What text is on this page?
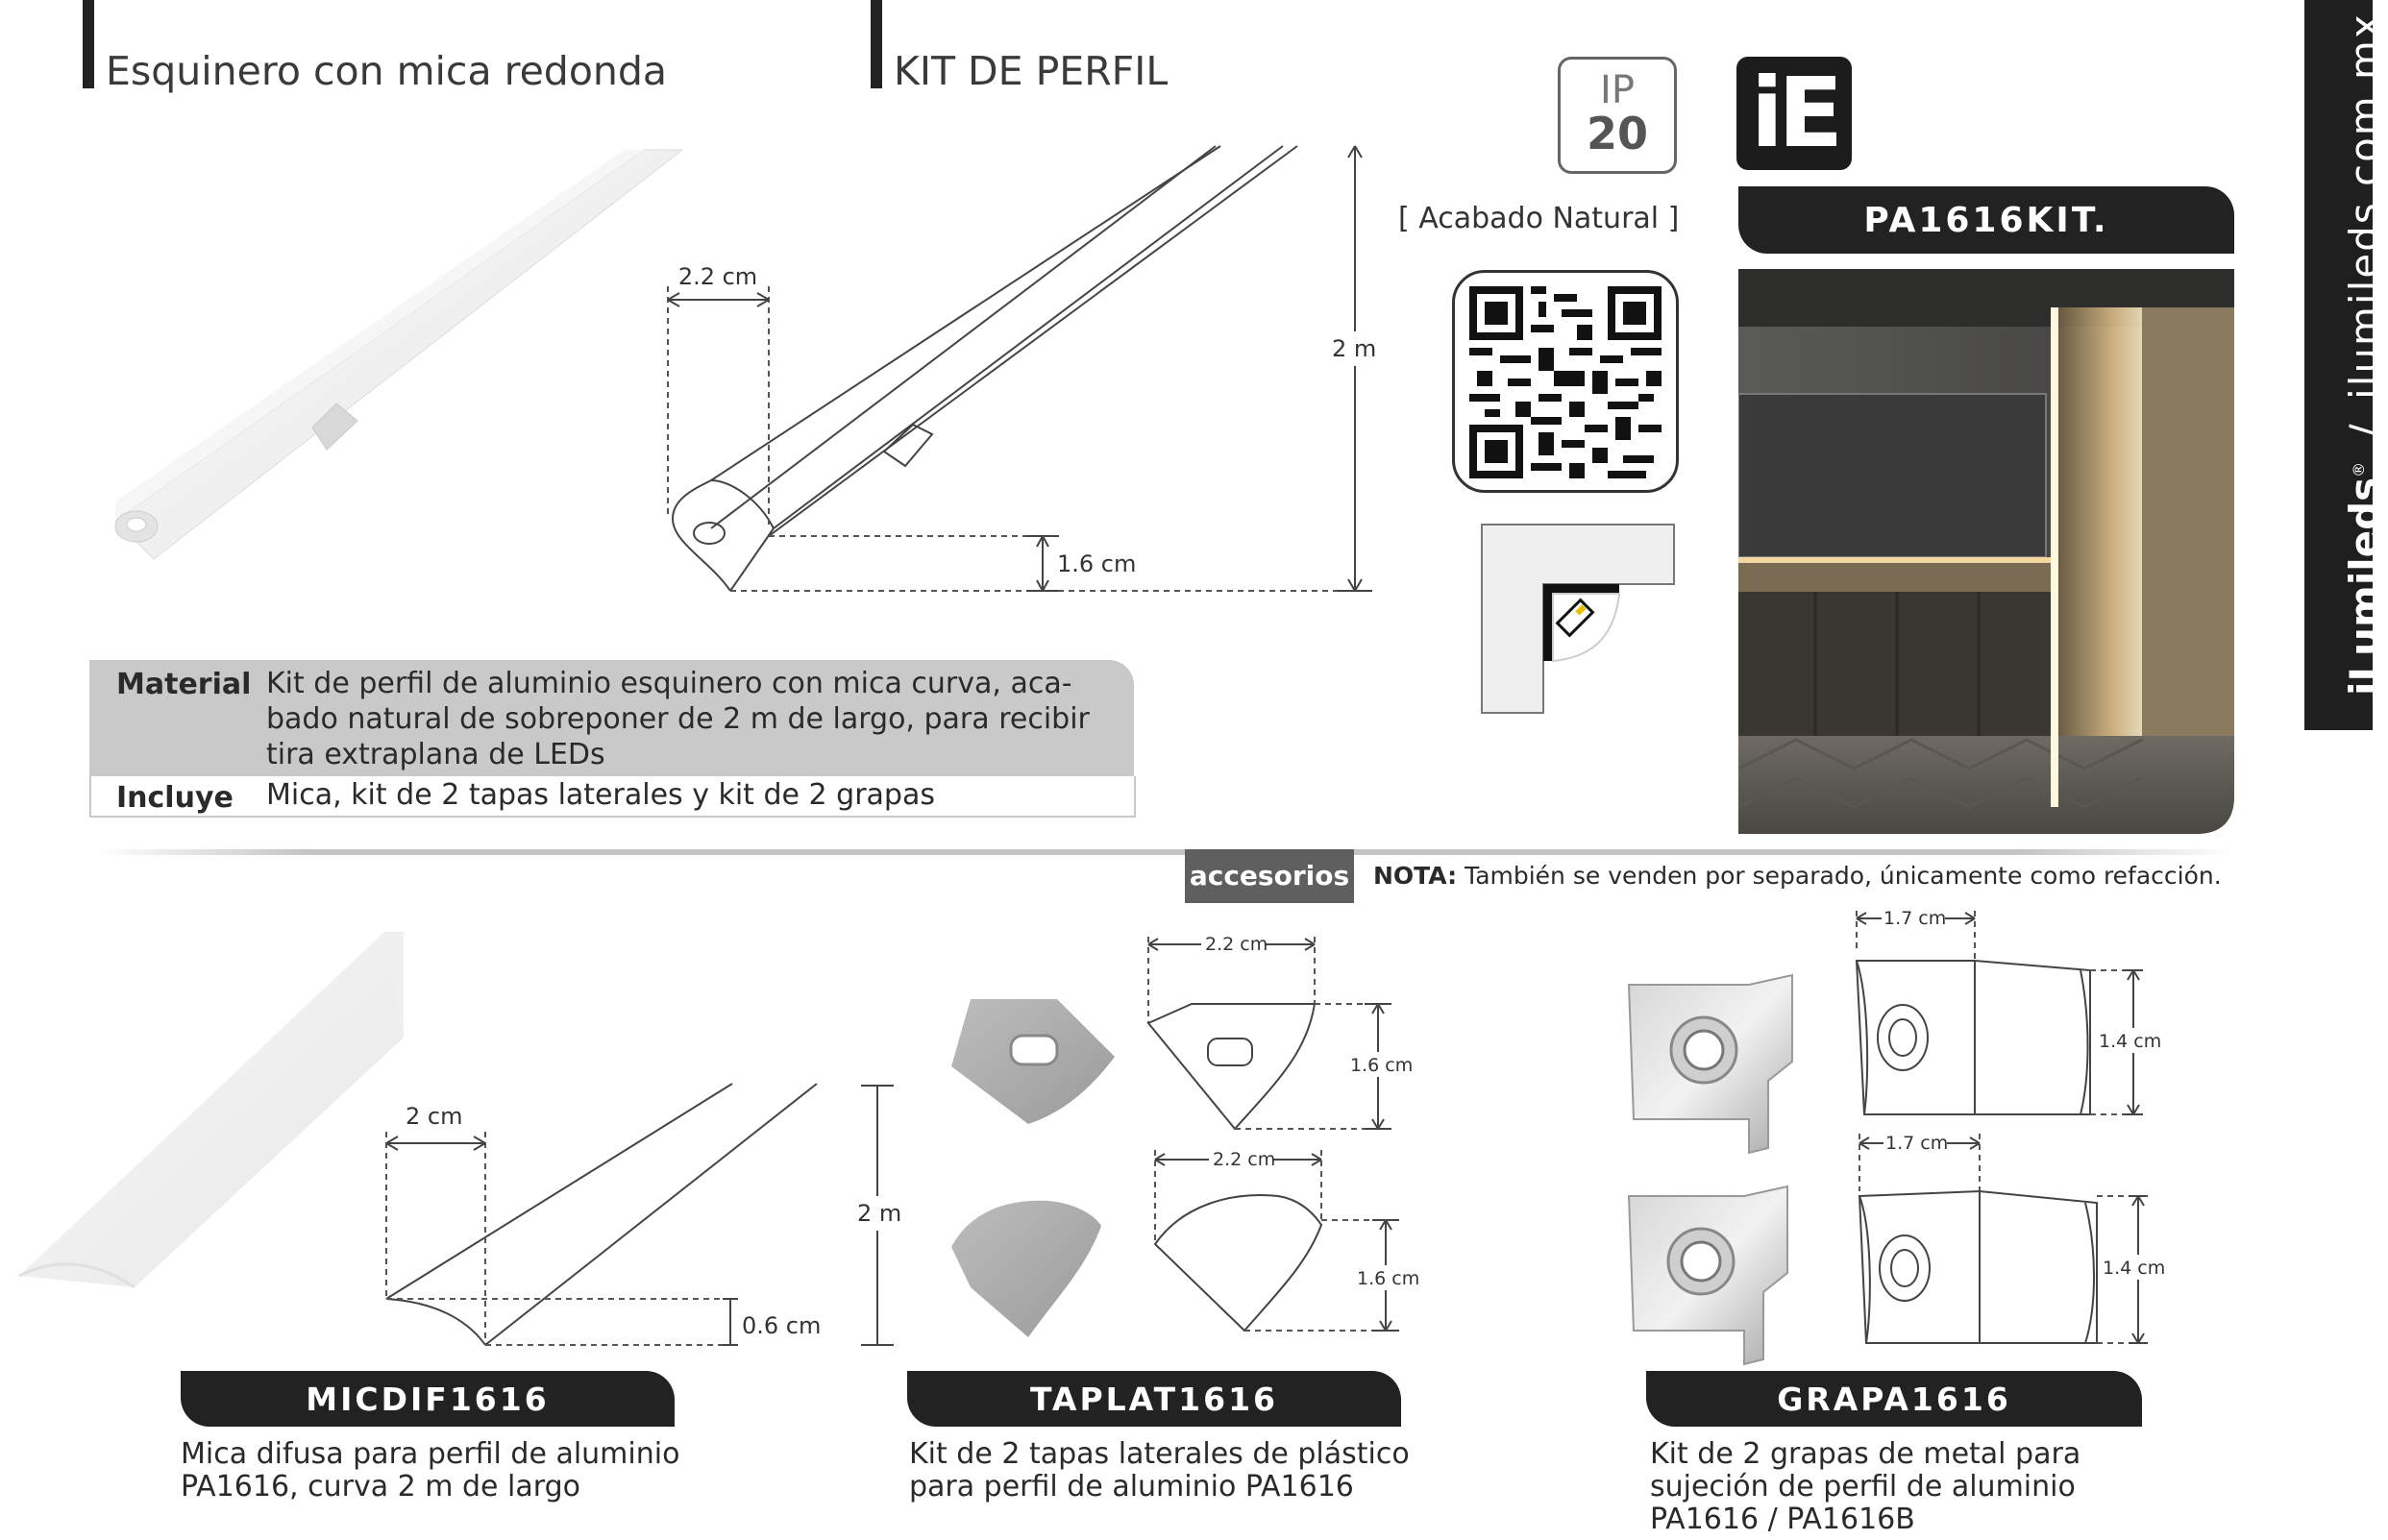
Esquinero con mica redonda	KIT DE PERFIL
2.2 cm
1.6 cm
2 m
IP
20
[ Acabado Natural ]
iE
PA1616KIT.
iLumileds® / ilumileds.com.mx
Material Kit de perfil de aluminio esquinero con mica curva, aca-
bado natural de sobreponer de 2 m de largo, para recibir
tira extraplana de LEDs
Incluye	Mica, kit de 2 tapas laterales y kit de 2 grapas
accesorios NOTA: También se venden por separado, únicamente como refacción.
2 cm
0.6 cm
2 m
2.2 cm
1.6 cm
2.2 cm
1.6 cm
1.7 cm
1.4 cm
1.7 cm
1.4 cm
MICDIF1616	TAPLAT1616	GRAPA1616
Mica difusa para perfil de aluminio
PA1616, curva 2 m de largo
Kit de 2 tapas laterales de plástico
para perfil de aluminio PA1616
Kit de 2 grapas de metal para
sujeción de perfil de aluminio
PA1616 / PA1616B
